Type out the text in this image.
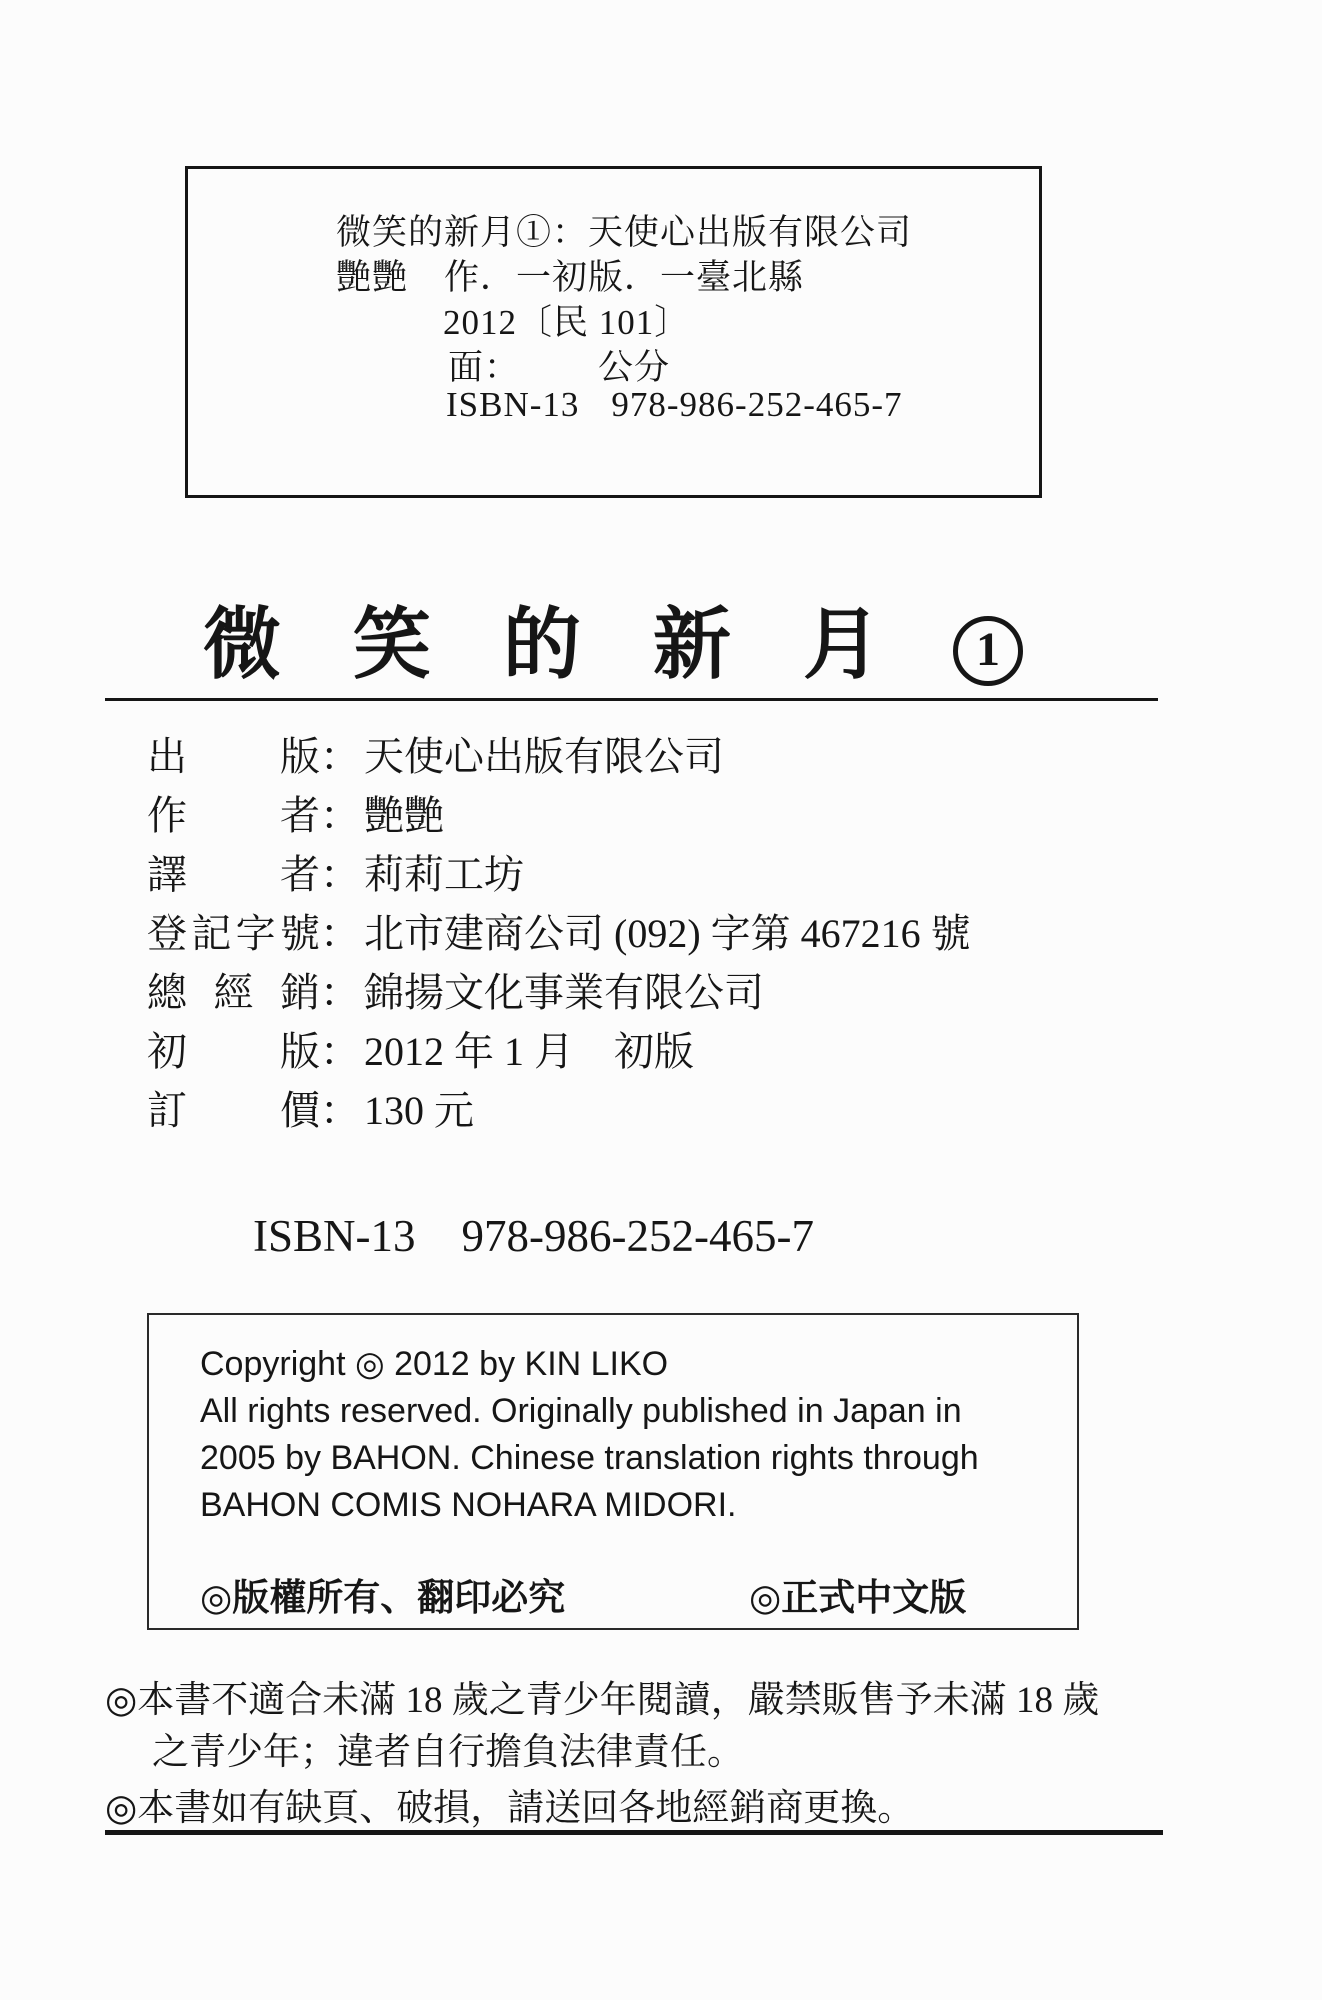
微笑的新月①：天使心出版有限公司
艷艷　作．一初版．一臺北縣
2012〔民 101〕
面： 公分
ISBN-13 978-986-252-465-7
微笑的新月 1
出版： 天使心出版有限公司
作者： 艷艷
譯者： 莉莉工坊
登記字號： 北市建商公司 (092) 字第 467216 號
總經銷： 錦揚文化事業有限公司
初版： 2012 年 1 月　初版
訂價： 130 元
ISBN-13 978-986-252-465-7
Copyright ◎ 2012 by KIN LIKO
All rights reserved. Originally published in Japan in
2005 by BAHON. Chinese translation rights through
BAHON COMIS NOHARA MIDORI.
◎版權所有、翻印必究	◎正式中文版
◎本書不適合未滿 18 歲之青少年閱讀，嚴禁販售予未滿 18 歲
之青少年；違者自行擔負法律責任。
◎本書如有缺頁、破損，請送回各地經銷商更換。
